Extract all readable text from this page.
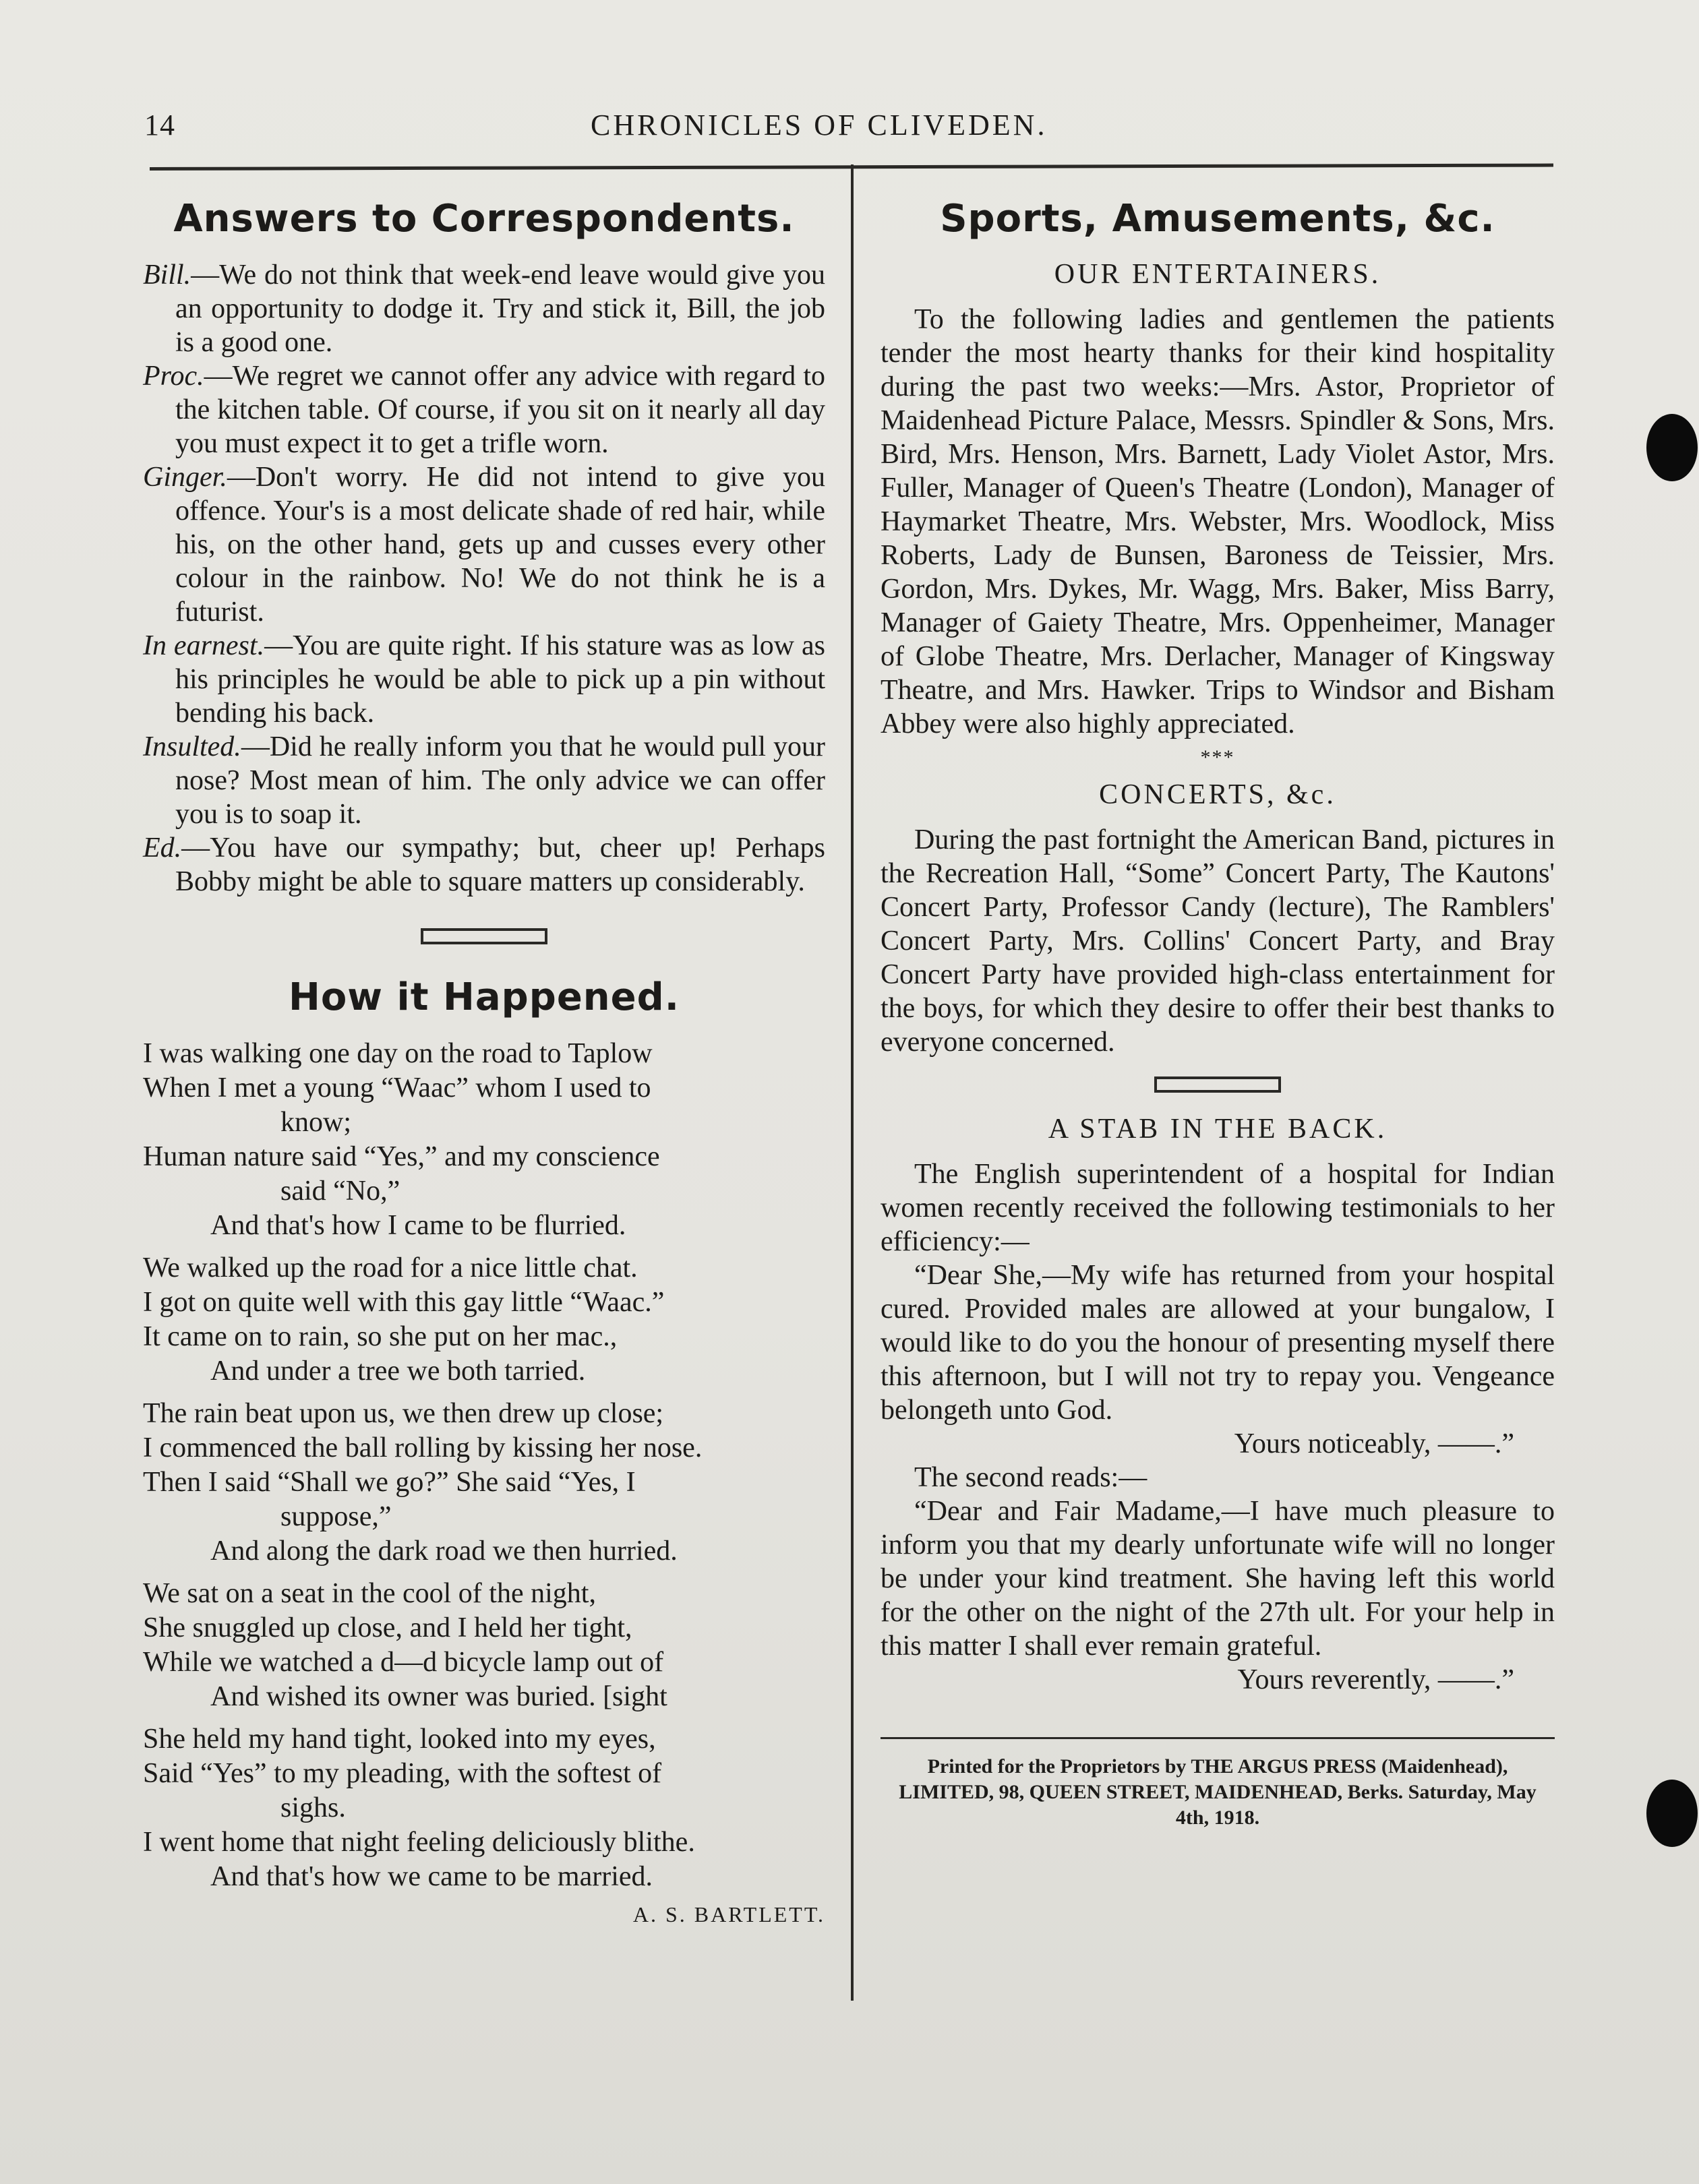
14	CHRONICLES OF CLIVEDEN.
Answers to Correspondents.

Bill.—We do not think that week-end leave would give you an opportunity to dodge it. Try and stick it, Bill, the job is a good one.

Proc.—We regret we cannot offer any advice with regard to the kitchen table. Of course, if you sit on it nearly all day you must expect it to get a trifle worn.

Ginger.—Don't worry. He did not intend to give you offence. Your's is a most delicate shade of red hair, while his, on the other hand, gets up and cusses every other colour in the rainbow. No! We do not think he is a futurist.

In earnest.—You are quite right. If his stature was as low as his principles he would be able to pick up a pin without bending his back.

Insulted.—Did he really inform you that he would pull your nose? Most mean of him. The only advice we can offer you is to soap it.

Ed.—You have our sympathy; but, cheer up! Perhaps Bobby might be able to square matters up considerably.

How it Happened.
I was walking one day on the road to Taplow
When I met a young “Waac” whom I used to
know;
Human nature said “Yes,” and my conscience
said “No,”
And that's how I came to be flurried.
We walked up the road for a nice little chat.
I got on quite well with this gay little “Waac.”
It came on to rain, so she put on her mac.,
And under a tree we both tarried.
The rain beat upon us, we then drew up close;
I commenced the ball rolling by kissing her nose.
Then I said “Shall we go?” She said “Yes, I
suppose,”
And along the dark road we then hurried.
We sat on a seat in the cool of the night,
She snuggled up close, and I held her tight,
While we watched a d—d bicycle lamp out of
And wished its owner was buried. [sight
She held my hand tight, looked into my eyes,
Said “Yes” to my pleading, with the softest of
sighs.
I went home that night feeling deliciously blithe.
And that's how we came to be married.
A. S. BARTLETT.
Sports, Amusements, &c.
OUR ENTERTAINERS.

To the following ladies and gentlemen the patients tender the most hearty thanks for their kind hospitality during the past two weeks:—Mrs. Astor, Proprietor of Maidenhead Picture Palace, Messrs. Spindler & Sons, Mrs. Bird, Mrs. Henson, Mrs. Barnett, Lady Violet Astor, Mrs. Fuller, Manager of Queen's Theatre (London), Manager of Haymarket Theatre, Mrs. Webster, Mrs. Woodlock, Miss Roberts, Lady de Bunsen, Baroness de Teissier, Mrs. Gordon, Mrs. Dykes, Mr. Wagg, Mrs. Baker, Miss Barry, Manager of Gaiety Theatre, Mrs. Oppenheimer, Manager of Globe Theatre, Mrs. Derlacher, Manager of Kingsway Theatre, and Mrs. Hawker. Trips to Windsor and Bisham Abbey were also highly appreciated.

***
CONCERTS, &c.

During the past fortnight the American Band, pictures in the Recreation Hall, “Some” Concert Party, The Kautons' Concert Party, Professor Candy (lecture), The Ramblers' Concert Party, Mrs. Collins' Concert Party, and Bray Concert Party have provided high-class entertainment for the boys, for which they desire to offer their best thanks to everyone concerned.

A STAB IN THE BACK.

The English superintendent of a hospital for Indian women recently received the following testimonials to her efficiency:—

“Dear She,—My wife has returned from your hospital cured. Provided males are allowed at your bungalow, I would like to do you the honour of presenting myself there this afternoon, but I will not try to repay you. Vengeance belongeth unto God.

Yours noticeably, ——.”

The second reads:—

“Dear and Fair Madame,—I have much pleasure to inform you that my dearly unfortunate wife will no longer be under your kind treatment. She having left this world for the other on the night of the 27th ult. For your help in this matter I shall ever remain grateful.

Yours reverently, ——.”

Printed for the Proprietors by THE ARGUS PRESS (Maidenhead), LIMITED, 98, QUEEN STREET, MAIDENHEAD, Berks. Saturday, May 4th, 1918.
